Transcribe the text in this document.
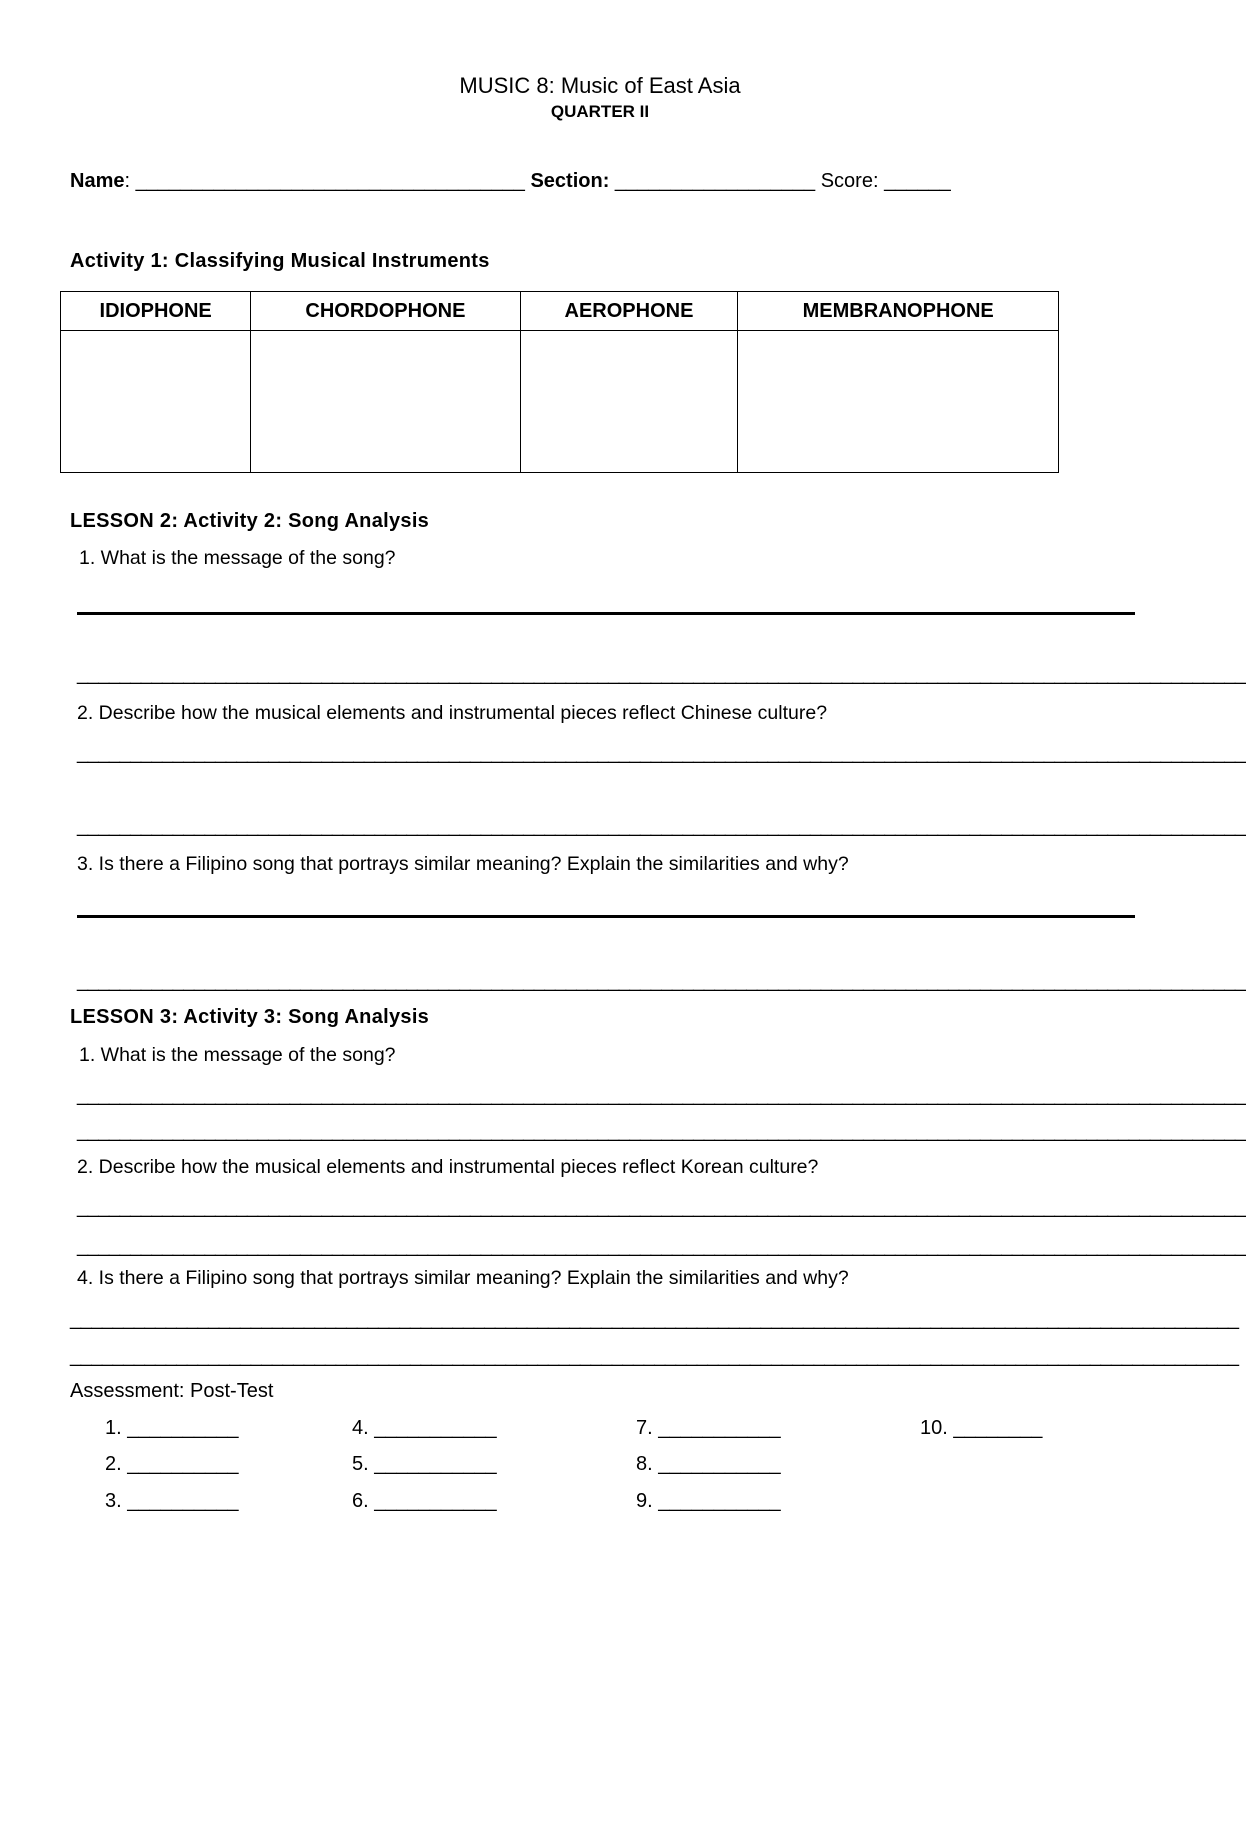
MUSIC 8: Music of East Asia
QUARTER II
Name: ___________________________________ Section: __________________ Score: ______
Activity 1: Classifying Musical Instruments
IDIOPHONE	CHORDOPHONE	AEROPHONE	MEMBRANOPHONE

LESSON 2: Activity 2: Song Analysis
1. What is the message of the song?
______________________________________________________________________________________________________________
2. Describe how the musical elements and instrumental pieces reflect Chinese culture?
______________________________________________________________________________________________________________
______________________________________________________________________________________________________________
3. Is there a Filipino song that portrays similar meaning? Explain the similarities and why?
______________________________________________________________________________________________________________
LESSON 3: Activity 3: Song Analysis
1. What is the message of the song?
______________________________________________________________________________________________________________
______________________________________________________________________________________________________________
2. Describe how the musical elements and instrumental pieces reflect Korean culture?
______________________________________________________________________________________________________________
______________________________________________________________________________________________________________
4. Is there a Filipino song that portrays similar meaning? Explain the similarities and why?
______________________________________________________________________________________________________________
______________________________________________________________________________________________________________
Assessment: Post-Test
1. __________	4. ___________	7. ___________	10. ________
2. __________	5. ___________	8. ___________
3. __________	6. ___________	9. ___________
